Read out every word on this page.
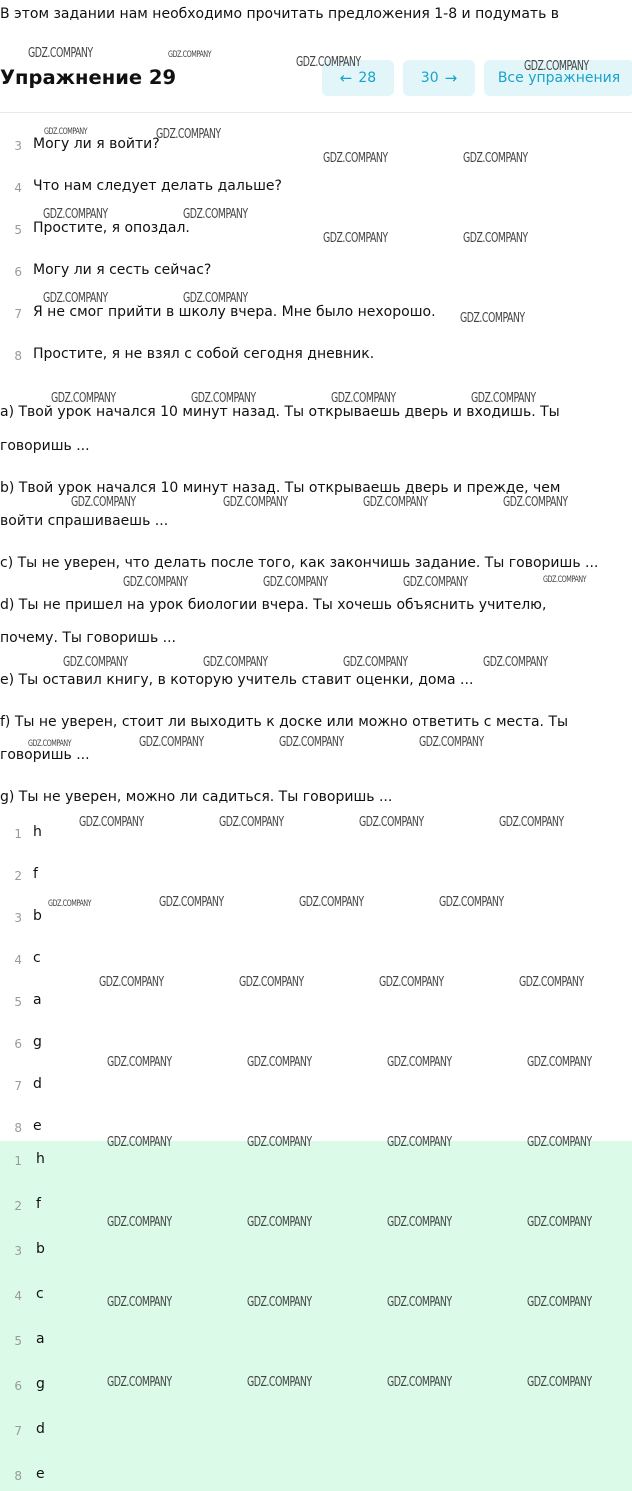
В этом задании нам необходимо прочитать предложения 1-8 и подумать в
Упражнение 29	← 28	30 →	Все упражнения
3 Могу ли я войти?
4 Что нам следует делать дальше?
5 Простите, я опоздал.
6 Могу ли я сесть сейчас?
7 Я не смог прийти в школу вчера. Мне было нехорошо.
8 Простите, я не взял с собой сегодня дневник.
a) Твой урок начался 10 минут назад. Ты открываешь дверь и входишь. Ты
говоришь ...
b) Твой урок начался 10 минут назад. Ты открываешь дверь и прежде, чем
войти спрашиваешь ...
c) Ты не уверен, что делать после того, как закончишь задание. Ты говоришь ...
d) Ты не пришел на урок биологии вчера. Ты хочешь объяснить учителю,
почему. Ты говоришь ...
e) Ты оставил книгу, в которую учитель ставит оценки, дома ...
f) Ты не уверен, стоит ли выходить к доске или можно ответить с места. Ты
говоришь ...
g) Ты не уверен, можно ли садиться. Ты говоришь ...
1 h
2 f
3 b
4 c
5 a
6 g
7 d
8 e
1 h
2 f
3 b
4 c
5 a
6 g
7 d
8 e
GDZ.COMPANY	GDZ.COMPANY	GDZ.COMPANY	GDZ.COMPANY
GDZ.COMPANY	GDZ.COMPANY
GDZ.COMPANY	GDZ.COMPANY
GDZ.COMPANY	GDZ.COMPANY
GDZ.COMPANY	GDZ.COMPANY
GDZ.COMPANY	GDZ.COMPANY
GDZ.COMPANY
GDZ.COMPANY	GDZ.COMPANY	GDZ.COMPANY	GDZ.COMPANY
GDZ.COMPANY	GDZ.COMPANY	GDZ.COMPANY	GDZ.COMPANY
GDZ.COMPANY	GDZ.COMPANY	GDZ.COMPANY	GDZ.COMPANY
GDZ.COMPANY	GDZ.COMPANY	GDZ.COMPANY	GDZ.COMPANY
GDZ.COMPANY	GDZ.COMPANY	GDZ.COMPANY	GDZ.COMPANY
GDZ.COMPANY	GDZ.COMPANY	GDZ.COMPANY	GDZ.COMPANY
GDZ.COMPANY	GDZ.COMPANY	GDZ.COMPANY	GDZ.COMPANY
GDZ.COMPANY	GDZ.COMPANY	GDZ.COMPANY	GDZ.COMPANY
GDZ.COMPANY	GDZ.COMPANY	GDZ.COMPANY	GDZ.COMPANY
GDZ.COMPANY	GDZ.COMPANY	GDZ.COMPANY	GDZ.COMPANY
GDZ.COMPANY	GDZ.COMPANY	GDZ.COMPANY	GDZ.COMPANY
GDZ.COMPANY	GDZ.COMPANY	GDZ.COMPANY	GDZ.COMPANY
GDZ.COMPANY	GDZ.COMPANY	GDZ.COMPANY	GDZ.COMPANY
